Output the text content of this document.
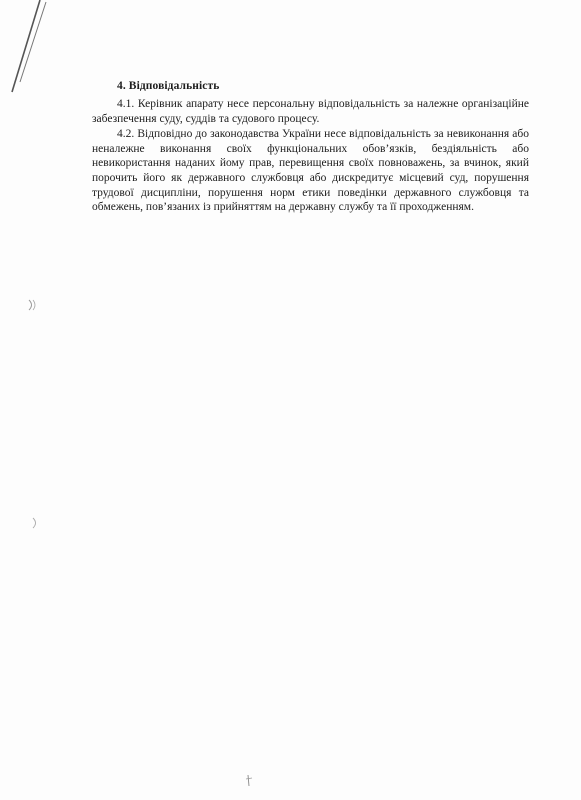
4. Відповідальність

4.1. Керівник апарату несе персональну відповідальність за належне організаційне забезпечення суду, суддів та судового процесу.

4.2. Відповідно до законодавства України несе відповідальність за невиконання або неналежне виконання своїх функціональних обов’язків, бездіяльність або невикористання наданих йому прав, перевищення своїх повноважень, за вчинок, який порочить його як державного службовця або дискредитує місцевий суд, порушення трудової дисципліни, порушення норм етики поведінки державного службовця та обмежень, пов’язаних із прийняттям на державну службу та її проходженням.
